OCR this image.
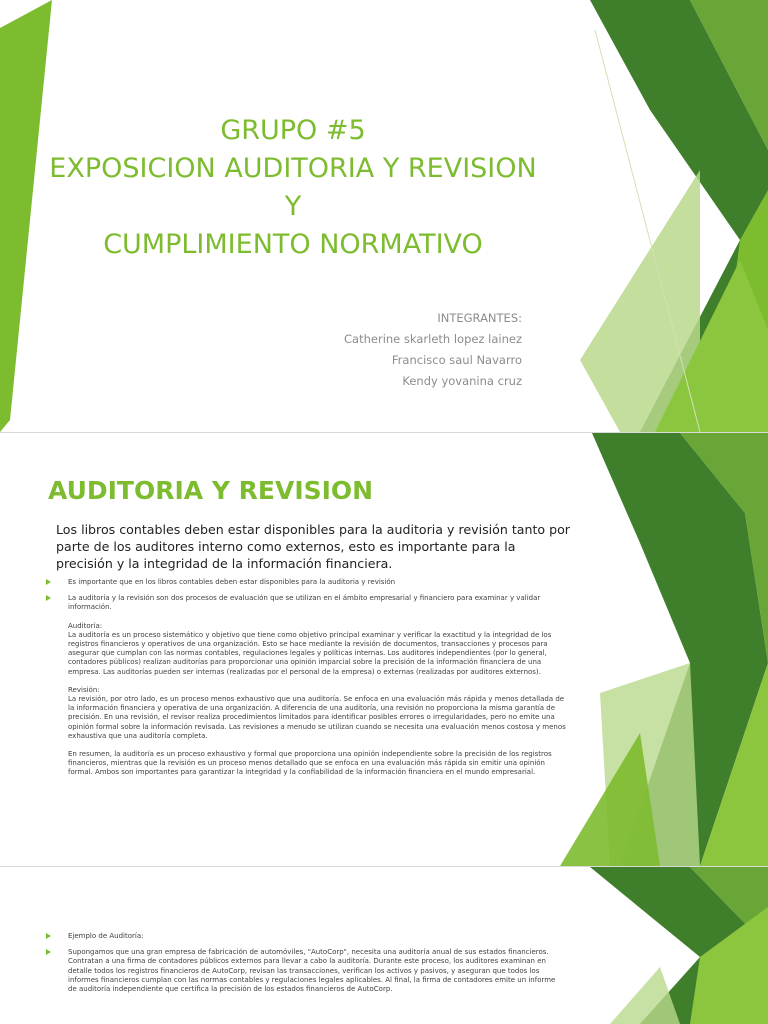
GRUPO #5
EXPOSICION AUDITORIA Y REVISION
Y
CUMPLIMIENTO NORMATIVO
INTEGRANTES:
Catherine skarleth lopez lainez
Francisco saul Navarro
Kendy yovanina cruz
AUDITORIA Y REVISION

Los libros contables deben estar disponibles para la auditoria y revisión tanto por parte de los auditores interno como externos, esto es importante para la precisión y la integridad de la información financiera.

Es importante que en los libros contables deben estar disponibles para la auditoria y revisión
La auditoría y la revisión son dos procesos de evaluación que se utilizan en el ámbito empresarial y financiero para examinar y validar información.

Auditoría:
La auditoría es un proceso sistemático y objetivo que tiene como objetivo principal examinar y verificar la exactitud y la integridad de los registros financieros y operativos de una organización. Esto se hace mediante la revisión de documentos, transacciones y procesos para asegurar que cumplan con las normas contables, regulaciones legales y políticas internas. Los auditores independientes (por lo general, contadores públicos) realizan auditorías para proporcionar una opinión imparcial sobre la precisión de la información financiera de una empresa. Las auditorías pueden ser internas (realizadas por el personal de la empresa) o externas (realizadas por auditores externos).

Revisión:
La revisión, por otro lado, es un proceso menos exhaustivo que una auditoría. Se enfoca en una evaluación más rápida y menos detallada de la información financiera y operativa de una organización. A diferencia de una auditoría, una revisión no proporciona la misma garantía de precisión. En una revisión, el revisor realiza procedimientos limitados para identificar posibles errores o irregularidades, pero no emite una opinión formal sobre la información revisada. Las revisiones a menudo se utilizan cuando se necesita una evaluación menos costosa y menos exhaustiva que una auditoría completa.

En resumen, la auditoría es un proceso exhaustivo y formal que proporciona una opinión independiente sobre la precisión de los registros financieros, mientras que la revisión es un proceso menos detallado que se enfoca en una evaluación más rápida sin emitir una opinión formal. Ambos son importantes para garantizar la integridad y la confiabilidad de la información financiera en el mundo empresarial.

Ejemplo de Auditoría:
Supongamos que una gran empresa de fabricación de automóviles, "AutoCorp", necesita una auditoría anual de sus estados financieros. Contratan a una firma de contadores públicos externos para llevar a cabo la auditoría. Durante este proceso, los auditores examinan en detalle todos los registros financieros de AutoCorp, revisan las transacciones, verifican los activos y pasivos, y aseguran que todos los informes financieros cumplan con las normas contables y regulaciones legales aplicables. Al final, la firma de contadores emite un informe de auditoría independiente que certifica la precisión de los estados financieros de AutoCorp.
